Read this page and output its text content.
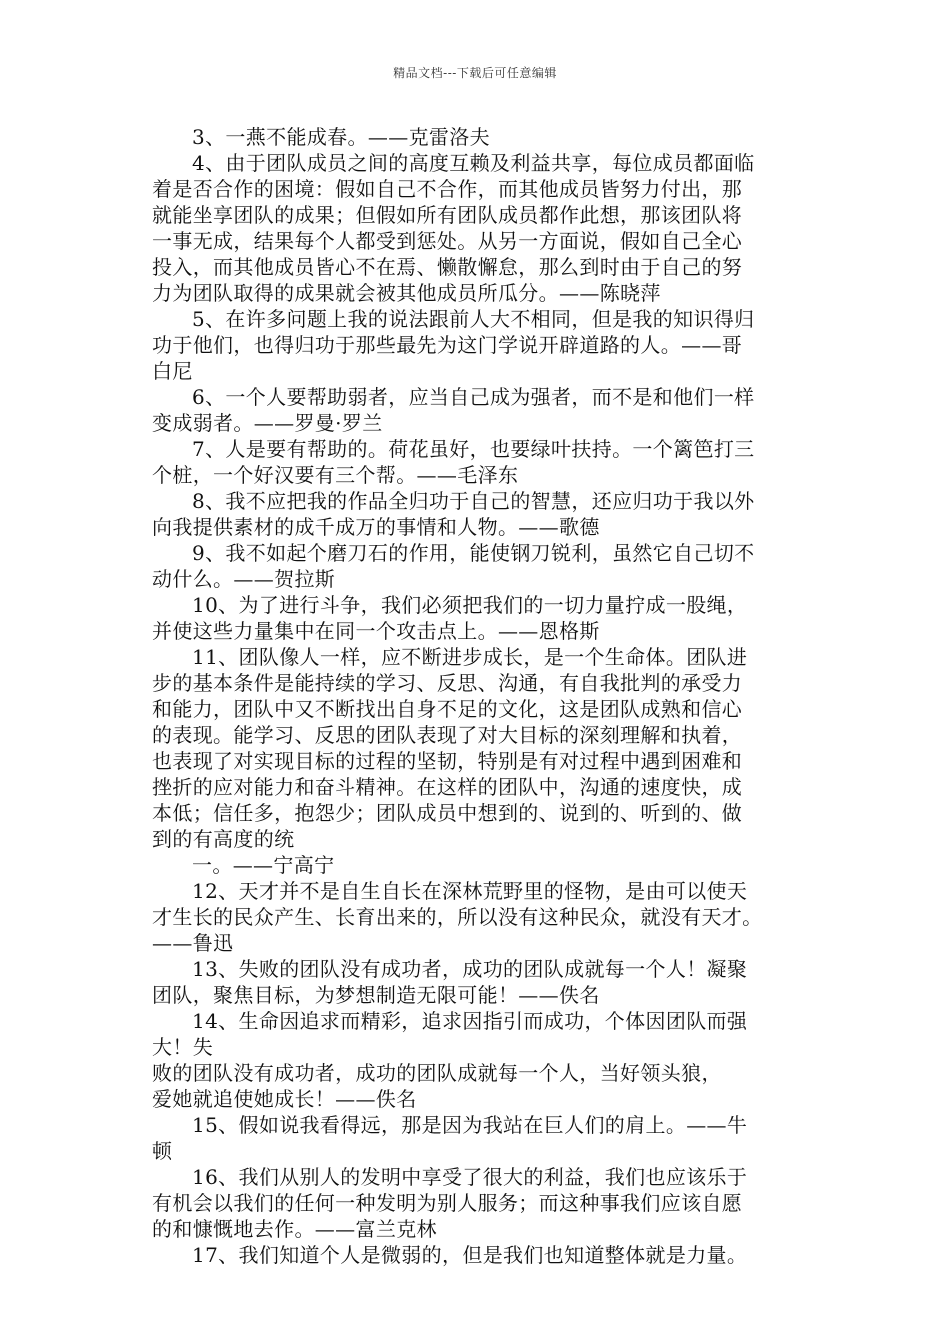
精品文档---下载后可任意编辑
3、一燕不能成春。——克雷洛夫
4、由于团队成员之间的高度互赖及利益共享，每位成员都面临
着是否合作的困境：假如自己不合作，而其他成员皆努力付出，那
就能坐享团队的成果；但假如所有团队成员都作此想，那该团队将
一事无成，结果每个人都受到惩处。从另一方面说，假如自己全心
投入，而其他成员皆心不在焉、懒散懈怠，那么到时由于自己的努
力为团队取得的成果就会被其他成员所瓜分。——陈晓萍
5、在许多问题上我的说法跟前人大不相同，但是我的知识得归
功于他们，也得归功于那些最先为这门学说开辟道路的人。——哥
白尼
6、一个人要帮助弱者，应当自己成为强者，而不是和他们一样
变成弱者。——罗曼·罗兰
7、人是要有帮助的。荷花虽好，也要绿叶扶持。一个篱笆打三
个桩，一个好汉要有三个帮。——毛泽东
8、我不应把我的作品全归功于自己的智慧，还应归功于我以外
向我提供素材的成千成万的事情和人物。——歌德
9、我不如起个磨刀石的作用，能使钢刀锐利，虽然它自己切不
动什么。——贺拉斯
10、为了进行斗争，我们必须把我们的一切力量拧成一股绳，
并使这些力量集中在同一个攻击点上。——恩格斯
11、团队像人一样，应不断进步成长，是一个生命体。团队进
步的基本条件是能持续的学习、反思、沟通，有自我批判的承受力
和能力，团队中又不断找出自身不足的文化，这是团队成熟和信心
的表现。能学习、反思的团队表现了对大目标的深刻理解和执着，
也表现了对实现目标的过程的坚韧，特别是有对过程中遇到困难和
挫折的应对能力和奋斗精神。在这样的团队中，沟通的速度快，成
本低；信任多，抱怨少；团队成员中想到的、说到的、听到的、做
到的有高度的统
一。——宁高宁
12、天才并不是自生自长在深林荒野里的怪物，是由可以使天
才生长的民众产生、长育出来的，所以没有这种民众，就没有天才。
——鲁迅
13、失败的团队没有成功者，成功的团队成就每一个人！凝聚
团队，聚焦目标，为梦想制造无限可能！——佚名
14、生命因追求而精彩，追求因指引而成功，个体因团队而强
大！失
败的团队没有成功者，成功的团队成就每一个人，当好领头狼，
爱她就追使她成长！——佚名
15、假如说我看得远，那是因为我站在巨人们的肩上。——牛
顿
16、我们从别人的发明中享受了很大的利益，我们也应该乐于
有机会以我们的任何一种发明为别人服务；而这种事我们应该自愿
的和慷慨地去作。——富兰克林
17、我们知道个人是微弱的，但是我们也知道整体就是力量。
